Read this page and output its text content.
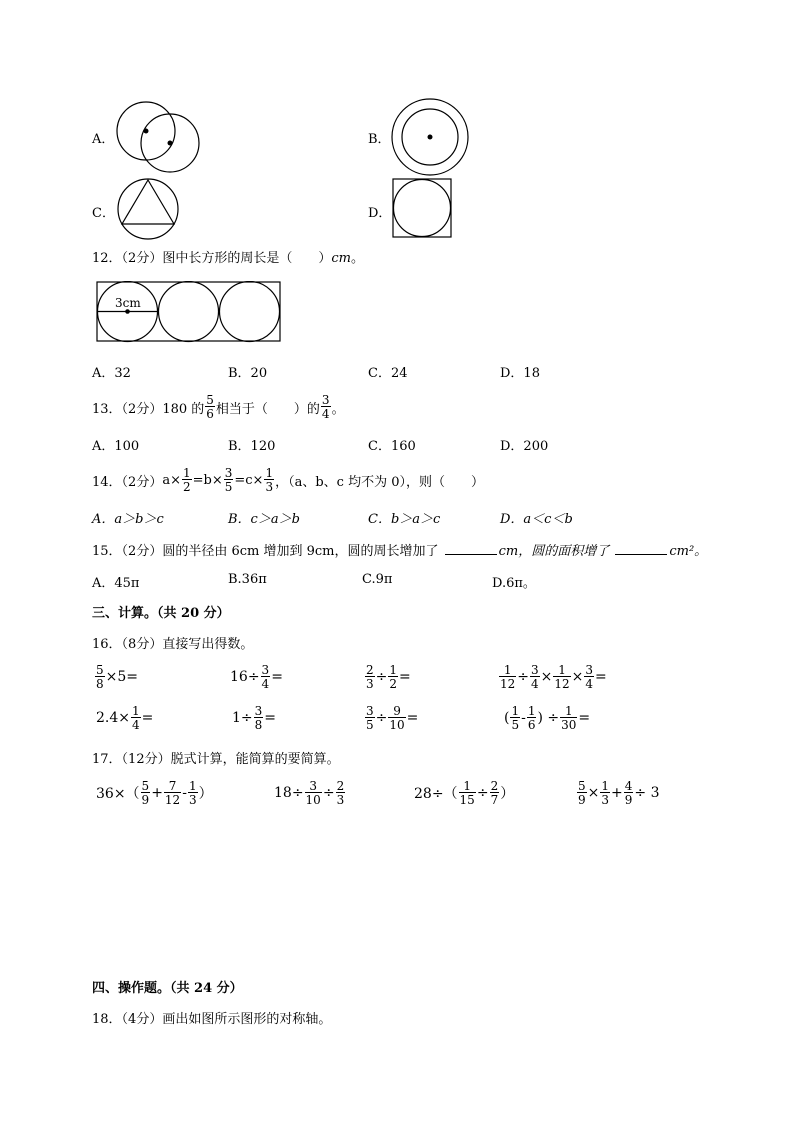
A．	B．
C．	D．
12．（2分）图中长方形的周长是（　　）cm。
3cm
A．32	B．20	C．24	D．18
13．（2分）180 的 $\frac{5}{6}$ 相当于（　　）的 $\frac{3}{4}$ 。
A．100	B．120	C．160	D．200
14．（2分） $a\times \frac{1}{2} =b\times \frac{3}{5} =c\times \frac{1}{3}$ ，（a、b、c 均不为 0），则（　　）
A．a＞b＞c	B．c＞a＞b	C．b＞a＞c	D．a＜c＜b
15．（2分）圆的半径由 6cm 增加到 9cm，圆的周长增加了	cm，圆的面积增了	cm²。
A．45π	B.36π	C.9π	D.6π。
三、计算。（共 20 分）
16．（8分）直接写出得数。
$\frac{5}{8} \times 5=$	$16\div \frac{3}{4}$ =	$\frac{2}{3} \div \frac{1}{2}$ =	$\frac{1}{12} \div \frac{3}{4} \times \frac{1}{12} \times \frac{3}{4}$ =
$2.4\times \frac{1}{4}$ =	$1\div \frac{3}{8}$ =	$\frac{3}{5} \div \frac{9}{10}$ =	( $\frac{1}{5} - \frac{1}{6}$ ) ÷ $\frac{1}{30}$ =
17．（12分）脱式计算，能简算的要简算。
$36\times( \frac{5}{9} + \frac{7}{12} - \frac{1}{3}$ ）	$18\div \frac{3}{10} \div \frac{2}{3}$	$28\div( \frac{1}{15} \div \frac{2}{7}$ ）	$\frac{5}{9} \times \frac{1}{3} + \frac{4}{9} \div 3$
四、操作题。（共 24 分）
18．（4分）画出如图所示图形的对称轴。
